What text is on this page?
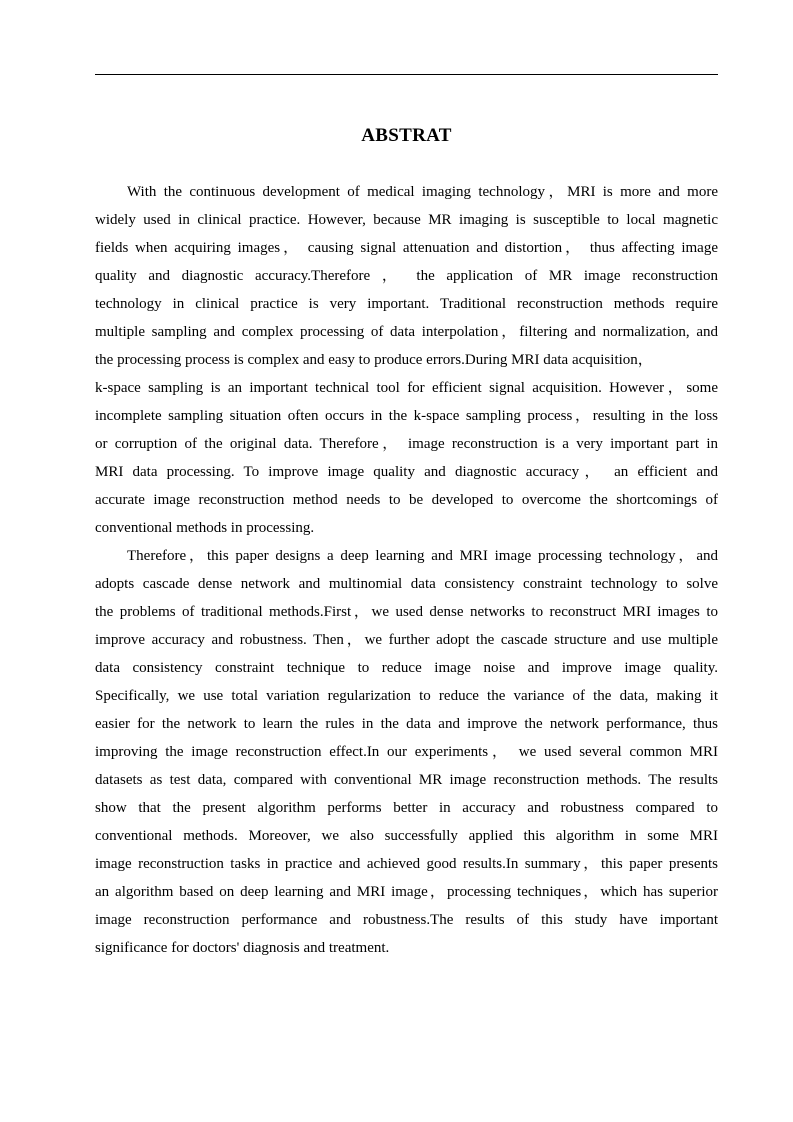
ABSTRAT

With the continuous development of medical imaging technology，MRI is more and more
widely used in clinical practice. However, because MR imaging is susceptible to local magnetic
fields when acquiring images， causing signal attenuation and distortion， thus affecting image
quality and diagnostic accuracy.Therefore ， the application of MR image reconstruction
technology in clinical practice is very important. Traditional reconstruction methods require
multiple sampling and complex processing of data interpolation，filtering and normalization, and
the processing process is complex and easy to produce errors.During MRI data acquisition，
k-space sampling is an important technical tool for efficient signal acquisition. However，some
incomplete sampling situation often occurs in the k-space sampling process，resulting in the loss
or corruption of the original data. Therefore， image reconstruction is a very important part in
MRI data processing. To improve image quality and diagnostic accuracy， an efficient and
accurate image reconstruction method needs to be developed to overcome the shortcomings of
conventional methods in processing.

Therefore，this paper designs a deep learning and MRI image processing technology，and
adopts cascade dense network and multinomial data consistency constraint technology to solve
the problems of traditional methods.First，we used dense networks to reconstruct MRI images to
improve accuracy and robustness. Then，we further adopt the cascade structure and use multiple
data consistency constraint technique to reduce image noise and improve image quality.
Specifically, we use total variation regularization to reduce the variance of the data, making it
easier for the network to learn the rules in the data and improve the network performance, thus
improving the image reconstruction effect.In our experiments， we used several common MRI
datasets as test data, compared with conventional MR image reconstruction methods. The results
show that the present algorithm performs better in accuracy and robustness compared to
conventional methods. Moreover, we also successfully applied this algorithm in some MRI
image reconstruction tasks in practice and achieved good results.In summary，this paper presents
an algorithm based on deep learning and MRI image，processing techniques，which has superior
image reconstruction performance and robustness.The results of this study have important
significance for doctors' diagnosis and treatment.
